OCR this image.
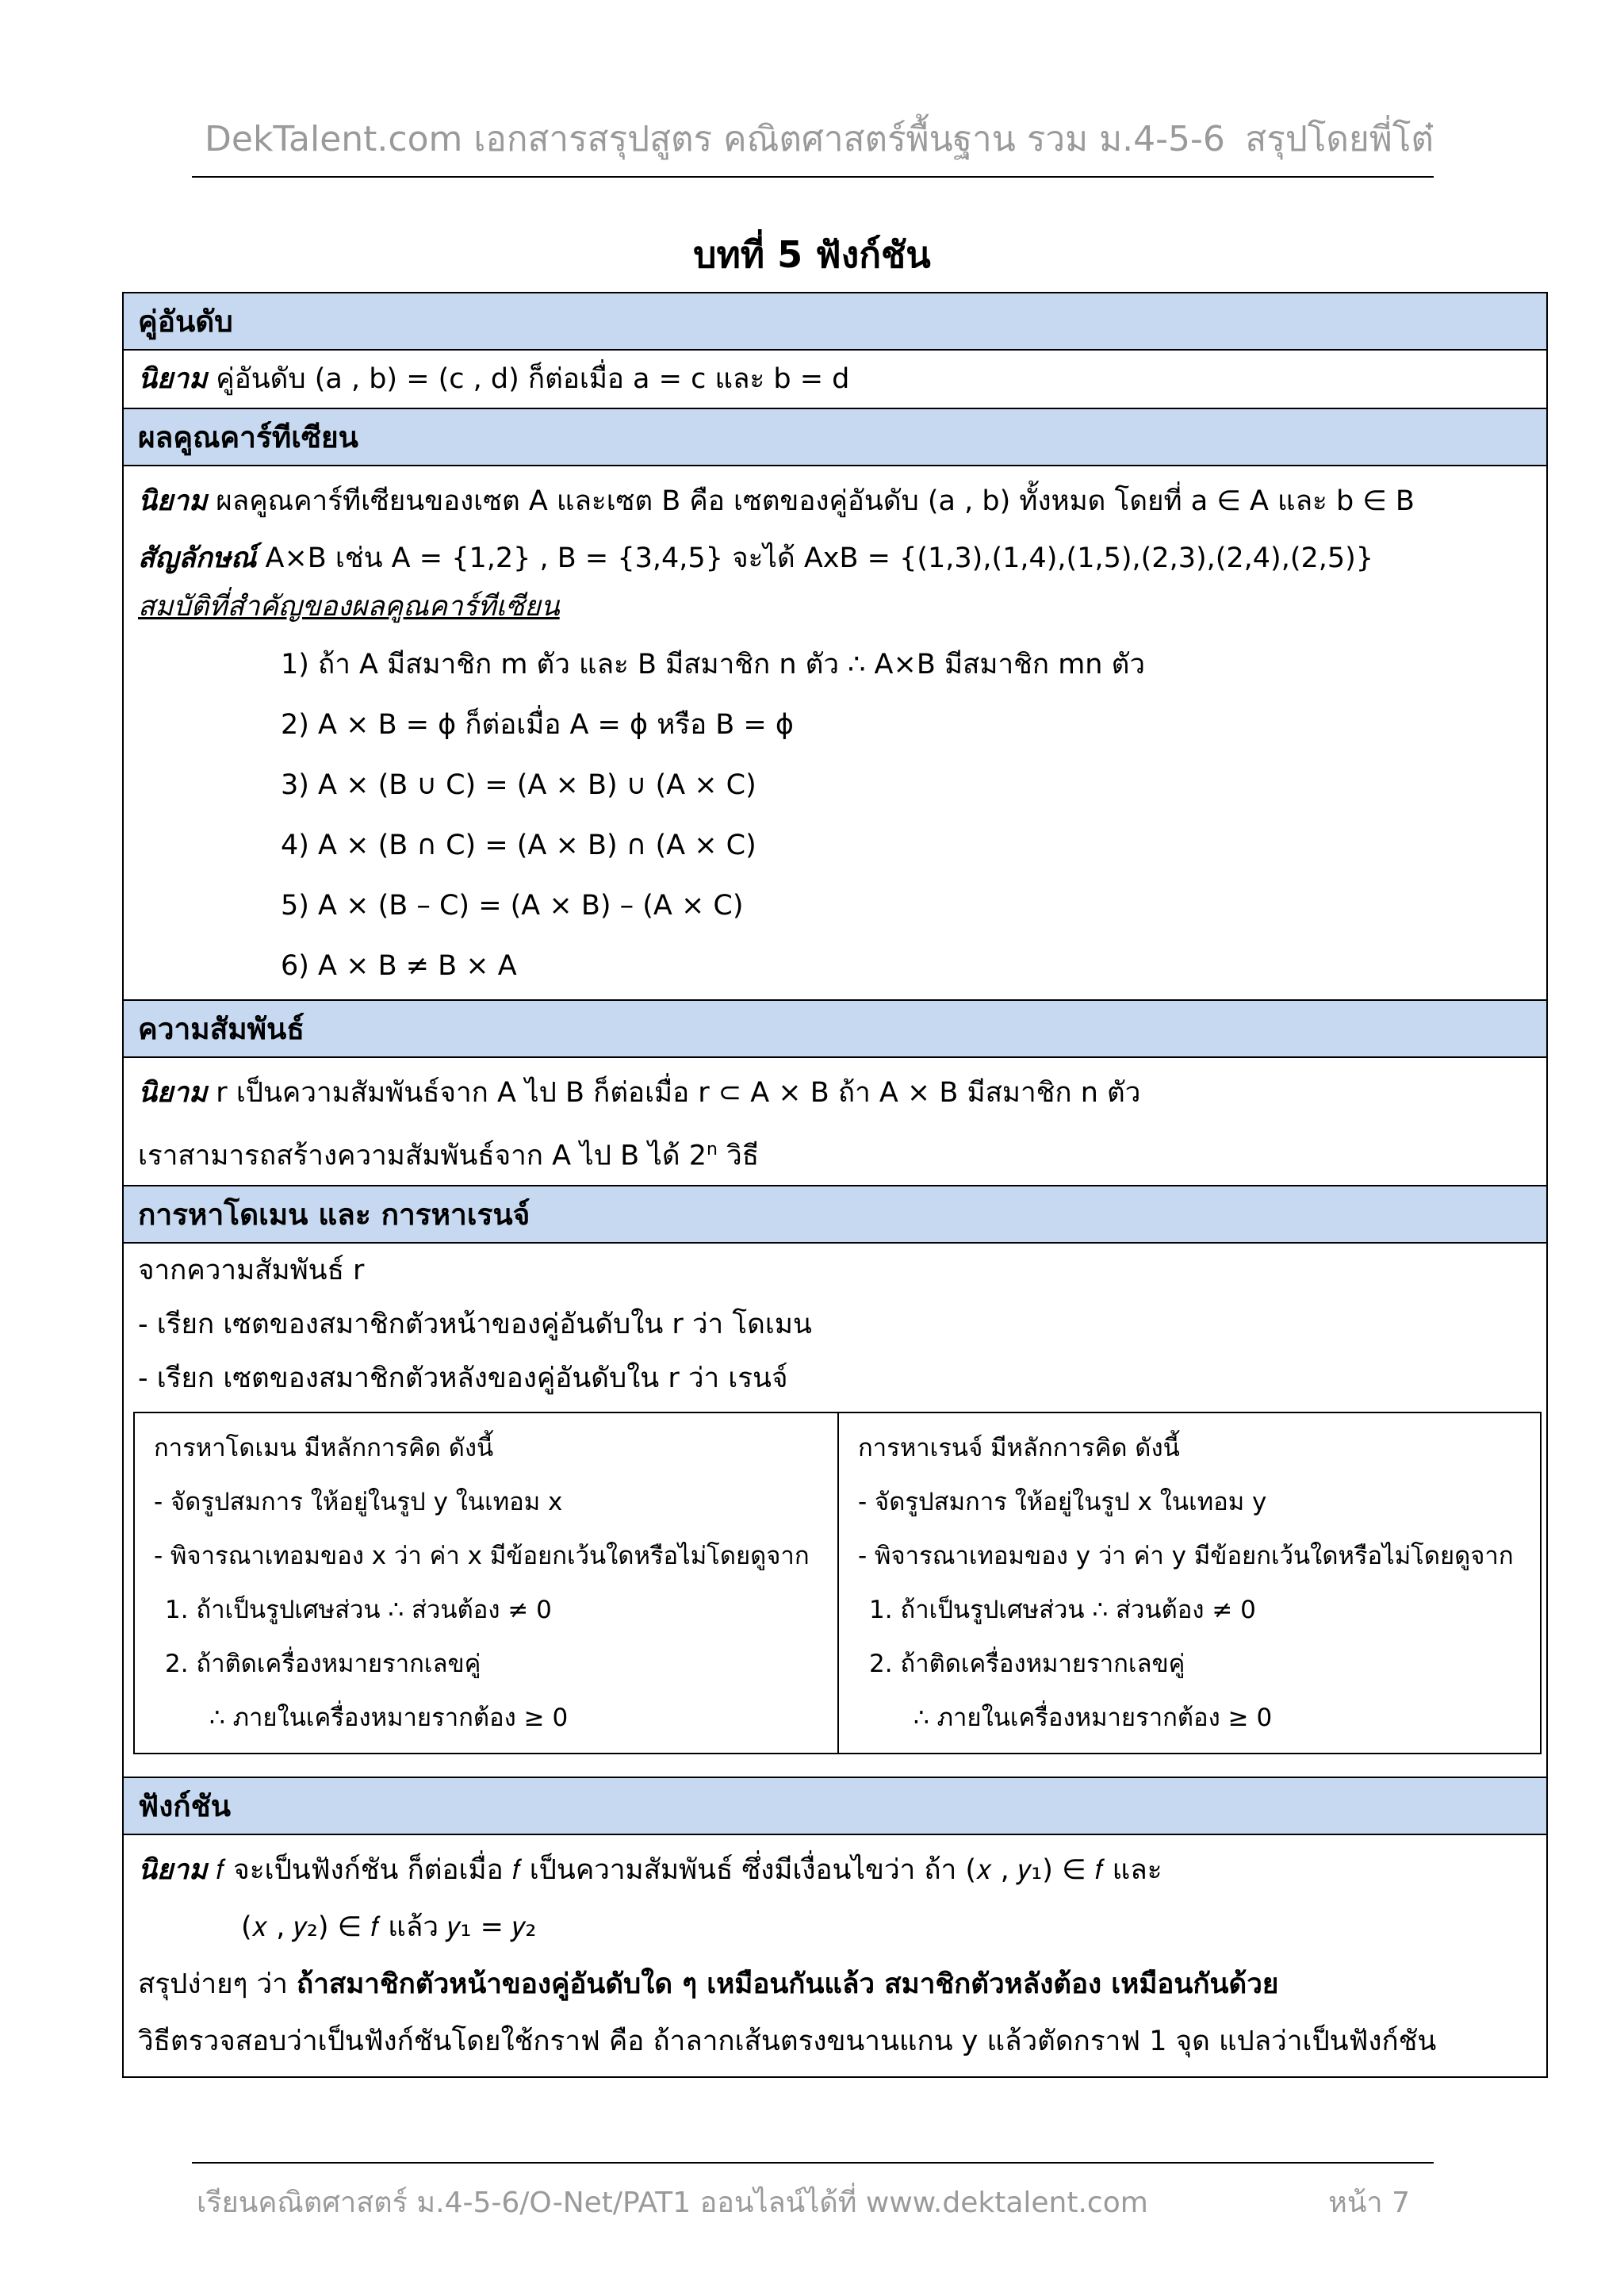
DekTalent.com เอกสารสรุปสูตร คณิตศาสตร์พื้นฐาน รวม ม.4-5-6 สรุปโดยพี่โต๋
บทที่ 5 ฟังก์ชัน
คู่อันดับ
นิยาม คู่อันดับ (a , b) = (c , d) ก็ต่อเมื่อ a = c และ b = d
ผลคูณคาร์ทีเซียน
นิยาม ผลคูณคาร์ทีเซียนของเซต A และเซต B คือ เซตของคู่อันดับ (a , b) ทั้งหมด โดยที่ a ∈ A และ b ∈ B
สัญลักษณ์ A×B เช่น A = {1,2} , B = {3,4,5} จะได้ AxB = {(1,3),(1,4),(1,5),(2,3),(2,4),(2,5)}
สมบัติที่สำคัญของผลคูณคาร์ทีเซียน
1) ถ้า A มีสมาชิก m ตัว และ B มีสมาชิก n ตัว ∴ A×B มีสมาชิก mn ตัว
2) A × B = ϕ ก็ต่อเมื่อ A = ϕ หรือ B = ϕ
3) A × (B ∪ C) = (A × B) ∪ (A × C)
4) A × (B ∩ C) = (A × B) ∩ (A × C)
5) A × (B – C) = (A × B) – (A × C)
6) A × B ≠ B × A
ความสัมพันธ์
นิยาม r เป็นความสัมพันธ์จาก A ไป B ก็ต่อเมื่อ r ⊂ A × B ถ้า A × B มีสมาชิก n ตัว
เราสามารถสร้างความสัมพันธ์จาก A ไป B ได้ 2$^n$ วิธี
การหาโดเมน และ การหาเรนจ์
จากความสัมพันธ์ r
- เรียก เซตของสมาชิกตัวหน้าของคู่อันดับใน r ว่า โดเมน
- เรียก เซตของสมาชิกตัวหลังของคู่อันดับใน r ว่า เรนจ์
การหาโดเมน มีหลักการคิด ดังนี้
- จัดรูปสมการ ให้อยู่ในรูป y ในเทอม x
- พิจารณาเทอมของ x ว่า ค่า x มีข้อยกเว้นใดหรือไม่โดยดูจาก
1. ถ้าเป็นรูปเศษส่วน ∴ ส่วนต้อง ≠ 0
2. ถ้าติดเครื่องหมายรากเลขคู่
∴ ภายในเครื่องหมายรากต้อง ≥ 0
การหาเรนจ์ มีหลักการคิด ดังนี้
- จัดรูปสมการ ให้อยู่ในรูป x ในเทอม y
- พิจารณาเทอมของ y ว่า ค่า y มีข้อยกเว้นใดหรือไม่โดยดูจาก
1. ถ้าเป็นรูปเศษส่วน ∴ ส่วนต้อง ≠ 0
2. ถ้าติดเครื่องหมายรากเลขคู่
∴ ภายในเครื่องหมายรากต้อง ≥ 0
ฟังก์ชัน
นิยาม 𝑓 จะเป็นฟังก์ชัน ก็ต่อเมื่อ 𝑓 เป็นความสัมพันธ์ ซึ่งมีเงื่อนไขว่า ถ้า (𝑥 , 𝑦₁) ∈ 𝑓 และ
(𝑥 , 𝑦₂) ∈ 𝑓 แล้ว 𝑦₁ = 𝑦₂
สรุปง่ายๆ ว่า ถ้าสมาชิกตัวหน้าของคู่อันดับใด ๆ เหมือนกันแล้ว สมาชิกตัวหลังต้อง เหมือนกันด้วย
วิธีตรวจสอบว่าเป็นฟังก์ชันโดยใช้กราฟ คือ ถ้าลากเส้นตรงขนานแกน y แล้วตัดกราฟ 1 จุด แปลว่าเป็นฟังก์ชัน
เรียนคณิตศาสตร์ ม.4-5-6/O-Net/PAT1 ออนไลน์ได้ที่ www.dektalent.com	หน้า 7
